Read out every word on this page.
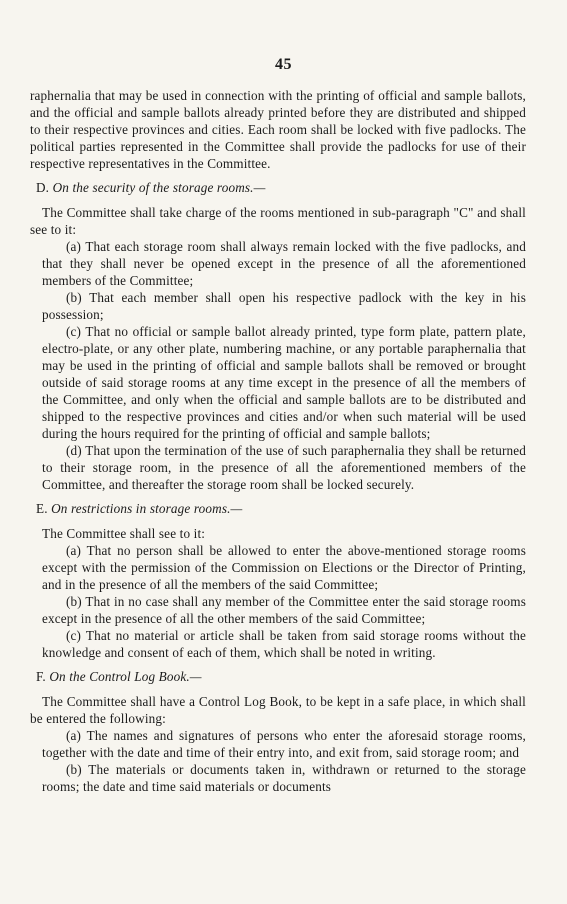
45

raphernalia that may be used in connection with the printing of official and sample ballots, and the official and sample ballots already printed before they are distributed and shipped to their respective provinces and cities. Each room shall be locked with five padlocks. The political parties represented in the Committee shall provide the padlocks for use of their respective representatives in the Committee.

D. On the security of the storage rooms.—

The Committee shall take charge of the rooms mentioned in sub-paragraph "C" and shall see to it:

(a) That each storage room shall always remain locked with the five padlocks, and that they shall never be opened except in the presence of all the aforementioned members of the Committee;

(b) That each member shall open his respective padlock with the key in his possession;

(c) That no official or sample ballot already printed, type form plate, pattern plate, electro-plate, or any other plate, numbering machine, or any portable paraphernalia that may be used in the printing of official and sample ballots shall be removed or brought outside of said storage rooms at any time except in the presence of all the members of the Committee, and only when the official and sample ballots are to be distributed and shipped to the respective provinces and cities and/or when such material will be used during the hours required for the printing of official and sample ballots;

(d) That upon the termination of the use of such paraphernalia they shall be returned to their storage room, in the presence of all the aforementioned members of the Committee, and thereafter the storage room shall be locked securely.

E. On restrictions in storage rooms.—

The Committee shall see to it:

(a) That no person shall be allowed to enter the above-mentioned storage rooms except with the permission of the Commission on Elections or the Director of Printing, and in the presence of all the members of the said Committee;

(b) That in no case shall any member of the Committee enter the said storage rooms except in the presence of all the other members of the said Committee;

(c) That no material or article shall be taken from said storage rooms without the knowledge and consent of each of them, which shall be noted in writing.

F. On the Control Log Book.—

The Committee shall have a Control Log Book, to be kept in a safe place, in which shall be entered the following:

(a) The names and signatures of persons who enter the aforesaid storage rooms, together with the date and time of their entry into, and exit from, said storage room; and

(b) The materials or documents taken in, withdrawn or returned to the storage rooms; the date and time said materials or documents
